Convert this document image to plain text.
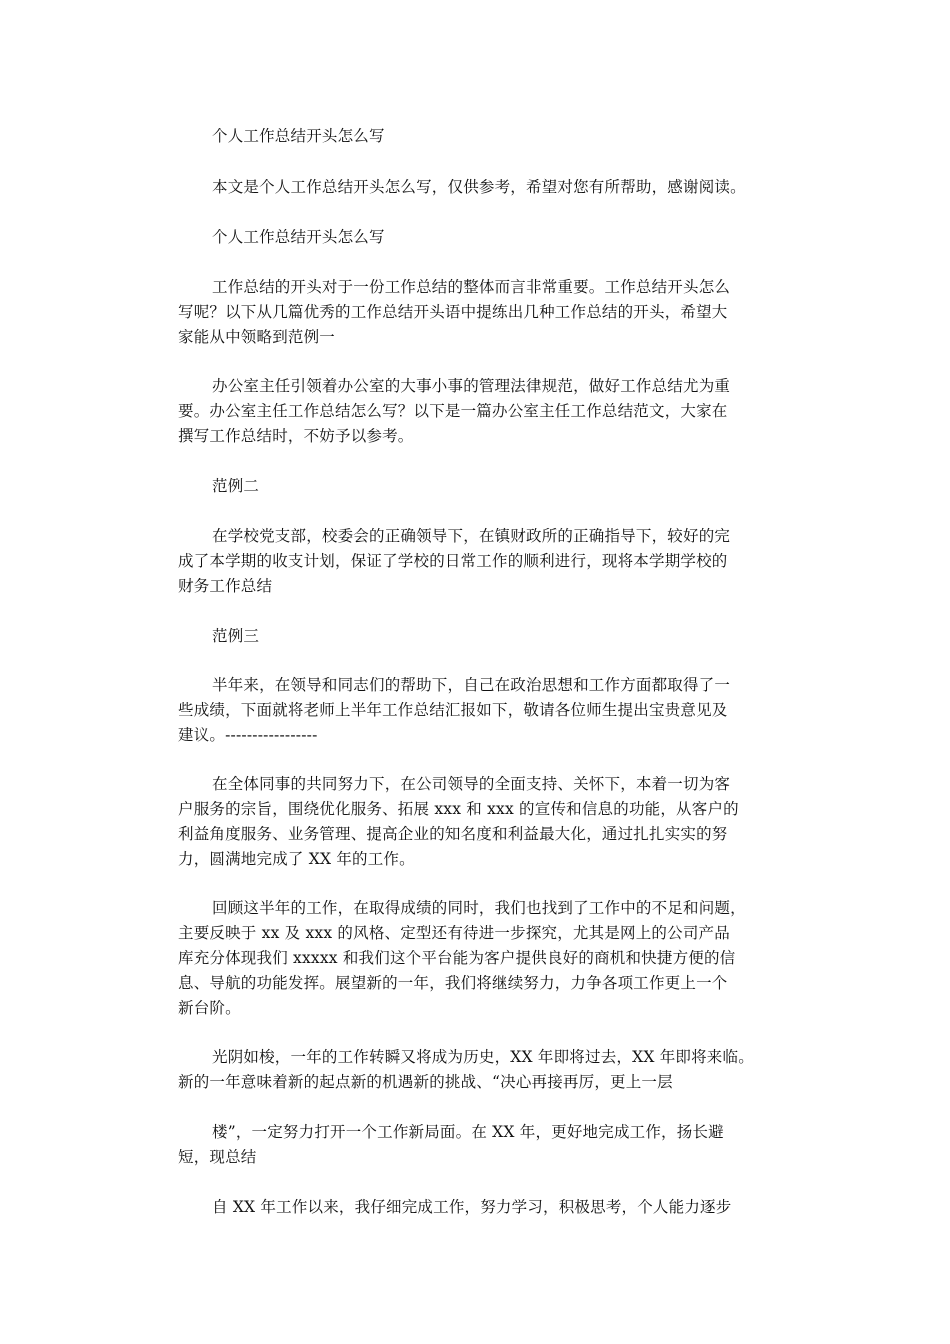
个人工作总结开头怎么写

本文是个人工作总结开头怎么写，仅供参考，希望对您有所帮助，感谢阅读。

个人工作总结开头怎么写

工作总结的开头对于一份工作总结的整体而言非常重要。工作总结开头怎么
写呢？以下从几篇优秀的工作总结开头语中提练出几种工作总结的开头，希望大
家能从中领略到范例一

办公室主任引领着办公室的大事小事的管理法律规范，做好工作总结尤为重
要。办公室主任工作总结怎么写？以下是一篇办公室主任工作总结范文，大家在
撰写工作总结时，不妨予以参考。

范例二

在学校党支部，校委会的正确领导下，在镇财政所的正确指导下，较好的完
成了本学期的收支计划，保证了学校的日常工作的顺利进行，现将本学期学校的
财务工作总结

范例三

半年来，在领导和同志们的帮助下，自己在政治思想和工作方面都取得了一
些成绩，下面就将老师上半年工作总结汇报如下，敬请各位师生提出宝贵意见及
建议。-----------------

在全体同事的共同努力下，在公司领导的全面支持、关怀下，本着一切为客
户服务的宗旨，围绕优化服务、拓展 xxx 和 xxx 的宣传和信息的功能，从客户的
利益角度服务、业务管理、提高企业的知名度和利益最大化，通过扎扎实实的努
力，圆满地完成了 XX 年的工作。

回顾这半年的工作，在取得成绩的同时，我们也找到了工作中的不足和问题，
主要反映于 xx 及 xxx 的风格、定型还有待进一步探究，尤其是网上的公司产品
库充分体现我们 xxxxx 和我们这个平台能为客户提供良好的商机和快捷方便的信
息、导航的功能发挥。展望新的一年，我们将继续努力，力争各项工作更上一个
新台阶。

光阴如梭，一年的工作转瞬又将成为历史，XX 年即将过去，XX 年即将来临。
新的一年意味着新的起点新的机遇新的挑战、“决心再接再厉，更上一层

楼”，一定努力打开一个工作新局面。在 XX 年，更好地完成工作，扬长避
短，现总结

自 XX 年工作以来，我仔细完成工作，努力学习，积极思考，个人能力逐步
